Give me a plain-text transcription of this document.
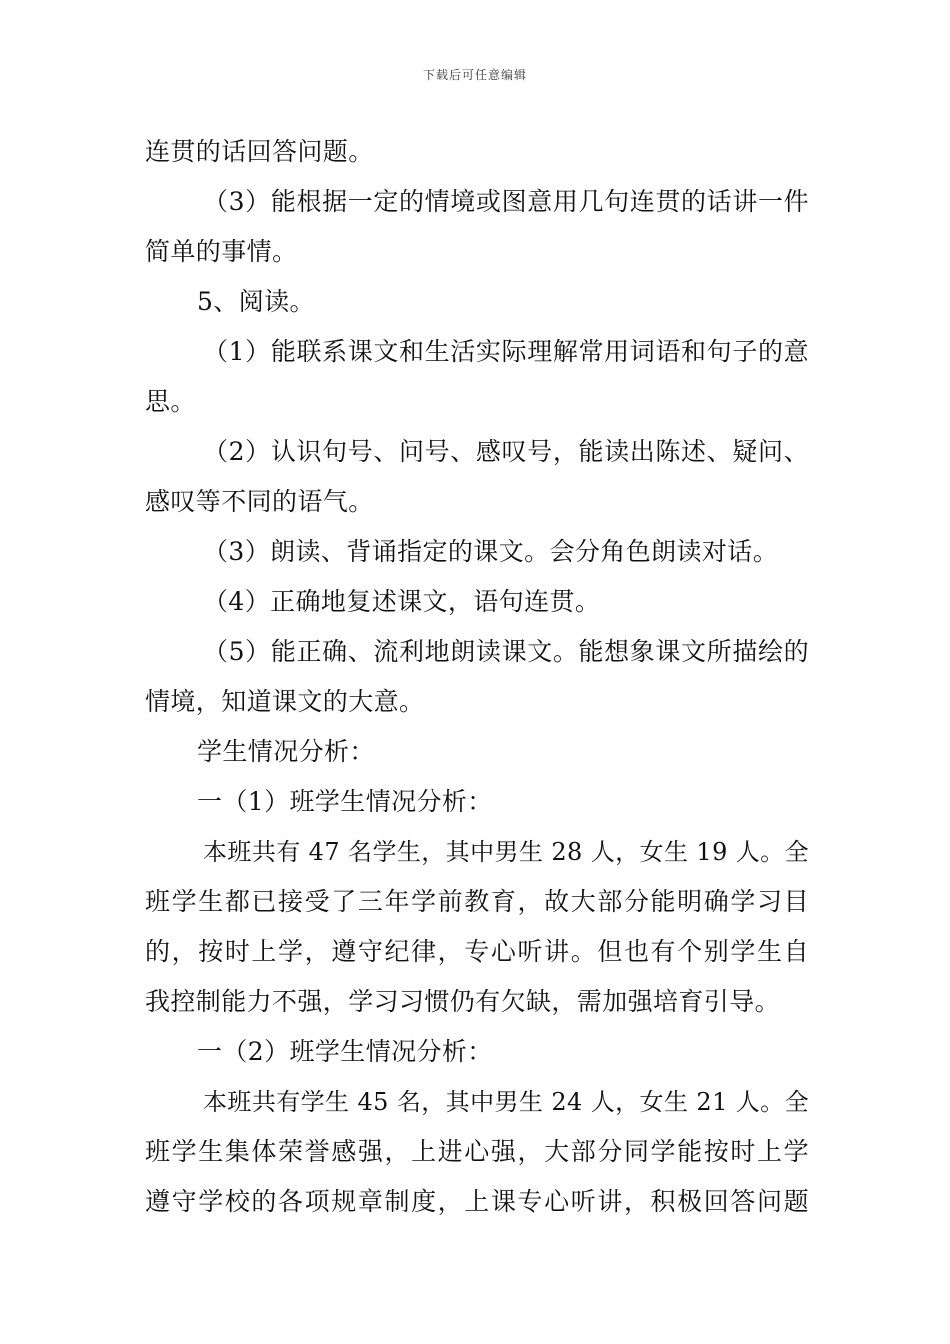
下载后可任意编辑
连贯的话回答问题。
（3）能根据一定的情境或图意用几句连贯的话讲一件
简单的事情。
5、阅读。
（1）能联系课文和生活实际理解常用词语和句子的意
思。
（2）认识句号、问号、感叹号，能读出陈述、疑问、
感叹等不同的语气。
（3）朗读、背诵指定的课文。会分角色朗读对话。
（4）正确地复述课文，语句连贯。
（5）能正确、流利地朗读课文。能想象课文所描绘的
情境，知道课文的大意。
学生情况分析：
一（1）班学生情况分析：
本班共有 47 名学生，其中男生 28 人，女生 19 人。全
班学生都已接受了三年学前教育，故大部分能明确学习目
的，按时上学，遵守纪律，专心听讲。但也有个别学生自
我控制能力不强，学习习惯仍有欠缺，需加强培育引导。
一（2）班学生情况分析：
本班共有学生 45 名，其中男生 24 人，女生 21 人。全
班学生集体荣誉感强，上进心强，大部分同学能按时上学
遵守学校的各项规章制度，上课专心听讲，积极回答问题
